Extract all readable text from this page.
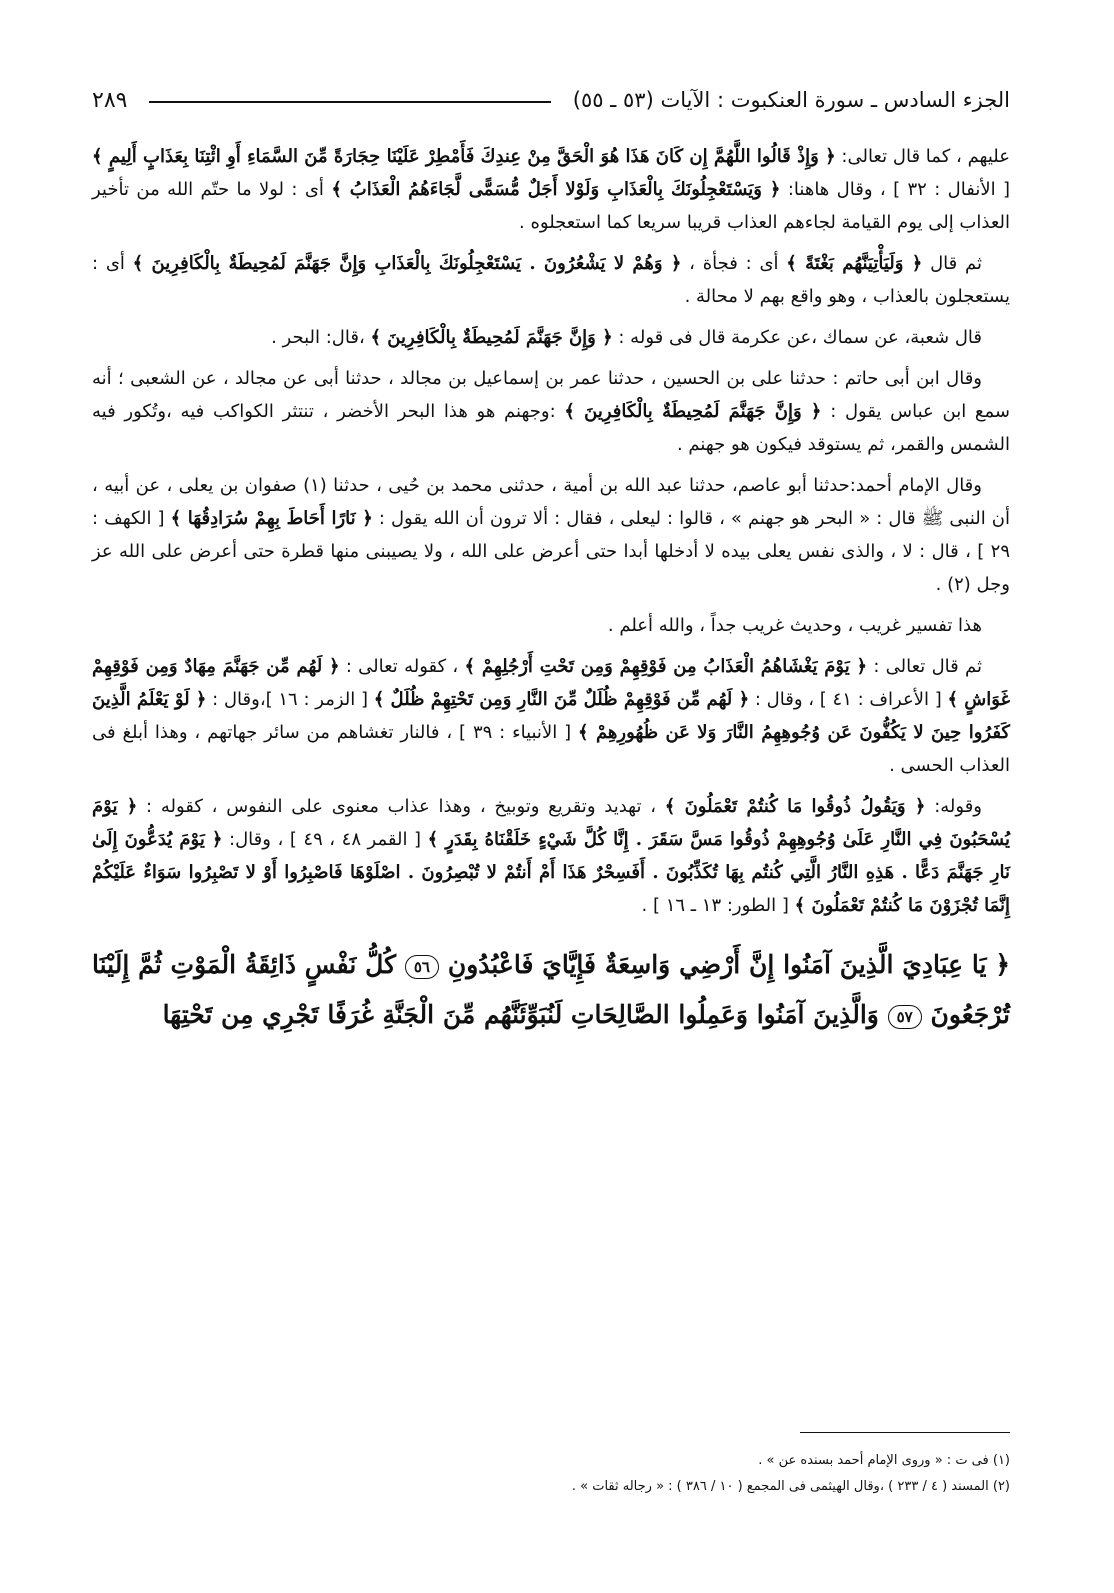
الجزء السادس ـ سورة العنكبوت : الآيات (٥٣ ـ ٥٥)
٢٨٩

عليهم ، كما قال تعالى: ﴿ وَإِذْ قَالُوا اللَّهُمَّ إِن كَانَ هَذَا هُوَ الْحَقَّ مِنْ عِندِكَ فَأَمْطِرْ عَلَيْنَا حِجَارَةً مِّنَ السَّمَاءِ أَوِ ائْتِنَا بِعَذَابٍ أَلِيمٍ ﴾ [ الأنفال : ٣٢ ] ، وقال هاهنا: ﴿ وَيَسْتَعْجِلُونَكَ بِالْعَذَابِ وَلَوْلا أَجَلٌ مُّسَمًّى لَّجَاءَهُمُ الْعَذَابُ ﴾ أى : لولا ما حتّم الله من تأخير العذاب إلى يوم القيامة لجاءهم العذاب قريبا سريعا كما استعجلوه .

ثم قال ﴿ وَلَيَأْتِيَنَّهُم بَغْتَةً ﴾ أى : فجأة ، ﴿ وَهُمْ لا يَشْعُرُونَ . يَسْتَعْجِلُونَكَ بِالْعَذَابِ وَإِنَّ جَهَنَّمَ لَمُحِيطَةٌ بِالْكَافِرِينَ ﴾ أى : يستعجلون بالعذاب ، وهو واقع بهم لا محالة .

قال شعبة، عن سماك ،عن عكرمة قال فى قوله : ﴿ وَإِنَّ جَهَنَّمَ لَمُحِيطَةٌ بِالْكَافِرِينَ ﴾ ،قال: البحر .

وقال ابن أبى حاتم : حدثنا على بن الحسين ، حدثنا عمر بن إسماعيل بن مجالد ، حدثنا أبى عن مجالد ، عن الشعبى ؛ أنه سمع ابن عباس يقول : ﴿ وَإِنَّ جَهَنَّمَ لَمُحِيطَةٌ بِالْكَافِرِينَ ﴾ :وجهنم هو هذا البحر الأخضر ، تنتثر الكواكب فيه ،وتُكور فيه الشمس والقمر، ثم يستوقد فيكون هو جهنم .

وقال الإمام أحمد:حدثنا أبو عاصم، حدثنا عبد الله بن أمية ، حدثنى محمد بن حُيى ، حدثنا (١) صفوان بن يعلى ، عن أبيه ، أن النبى ﷺ قال : « البحر هو جهنم » ، قالوا : ليعلى ، فقال : ألا ترون أن الله يقول : ﴿ نَارًا أَحَاطَ بِهِمْ سُرَادِقُهَا ﴾ [ الكهف : ٢٩ ] ، قال : لا ، والذى نفس يعلى بيده لا أدخلها أبدا حتى أعرض على الله ، ولا يصيبنى منها قطرة حتى أعرض على الله عز وجل (٢) .

هذا تفسير غريب ، وحديث غريب جداً ، والله أعلم .

ثم قال تعالى : ﴿ يَوْمَ يَغْشَاهُمُ الْعَذَابُ مِن فَوْقِهِمْ وَمِن تَحْتِ أَرْجُلِهِمْ ﴾ ، كقوله تعالى : ﴿ لَهُم مِّن جَهَنَّمَ مِهَادٌ وَمِن فَوْقِهِمْ غَوَاشٍ ﴾ [ الأعراف : ٤١ ] ، وقال : ﴿ لَهُم مِّن فَوْقِهِمْ ظُلَلٌ مِّنَ النَّارِ وَمِن تَحْتِهِمْ ظُلَلٌ ﴾ [ الزمر : ١٦ ]،وقال : ﴿ لَوْ يَعْلَمُ الَّذِينَ كَفَرُوا حِينَ لا يَكُفُّونَ عَن وُجُوهِهِمُ النَّارَ وَلا عَن ظُهُورِهِمْ ﴾ [ الأنبياء : ٣٩ ] ، فالنار تغشاهم من سائر جهاتهم ، وهذا أبلغ فى العذاب الحسى .

وقوله: ﴿ وَيَقُولُ ذُوقُوا مَا كُنتُمْ تَعْمَلُونَ ﴾ ، تهديد وتقريع وتوبيخ ، وهذا عذاب معنوى على النفوس ، كقوله : ﴿ يَوْمَ يُسْحَبُونَ فِي النَّارِ عَلَىٰ وُجُوهِهِمْ ذُوقُوا مَسَّ سَقَرَ . إِنَّا كُلَّ شَيْءٍ خَلَقْنَاهُ بِقَدَرٍ ﴾ [ القمر ٤٨ ، ٤٩ ] ، وقال: ﴿ يَوْمَ يُدَعُّونَ إِلَىٰ نَارِ جَهَنَّمَ دَعًّا . هَذِهِ النَّارُ الَّتِي كُنتُم بِهَا تُكَذِّبُونَ . أَفَسِحْرٌ هَذَا أَمْ أَنتُمْ لا تُبْصِرُونَ . اصْلَوْهَا فَاصْبِرُوا أَوْ لا تَصْبِرُوا سَوَاءٌ عَلَيْكُمْ إِنَّمَا تُجْزَوْنَ مَا كُنتُمْ تَعْمَلُونَ ﴾ [ الطور: ١٣ ـ ١٦ ] .

﴿ يَا عِبَادِيَ الَّذِينَ آمَنُوا إِنَّ أَرْضِي وَاسِعَةٌ فَإِيَّايَ فَاعْبُدُونِ ٥٦ كُلُّ نَفْسٍ ذَائِقَةُ الْمَوْتِ ثُمَّ إِلَيْنَا تُرْجَعُونَ ٥٧ وَالَّذِينَ آمَنُوا وَعَمِلُوا الصَّالِحَاتِ لَنُبَوِّئَنَّهُم مِّنَ الْجَنَّةِ غُرَفًا تَجْرِي مِن تَحْتِهَا
(١) فى ت : « وروى الإمام أحمد بسنده عن » .
(٢) المسند ( ٤ / ٢٣٣ ) ،وقال الهيثمى فى المجمع ( ١٠ / ٣٨٦ ) : « رجاله ثقات » .
